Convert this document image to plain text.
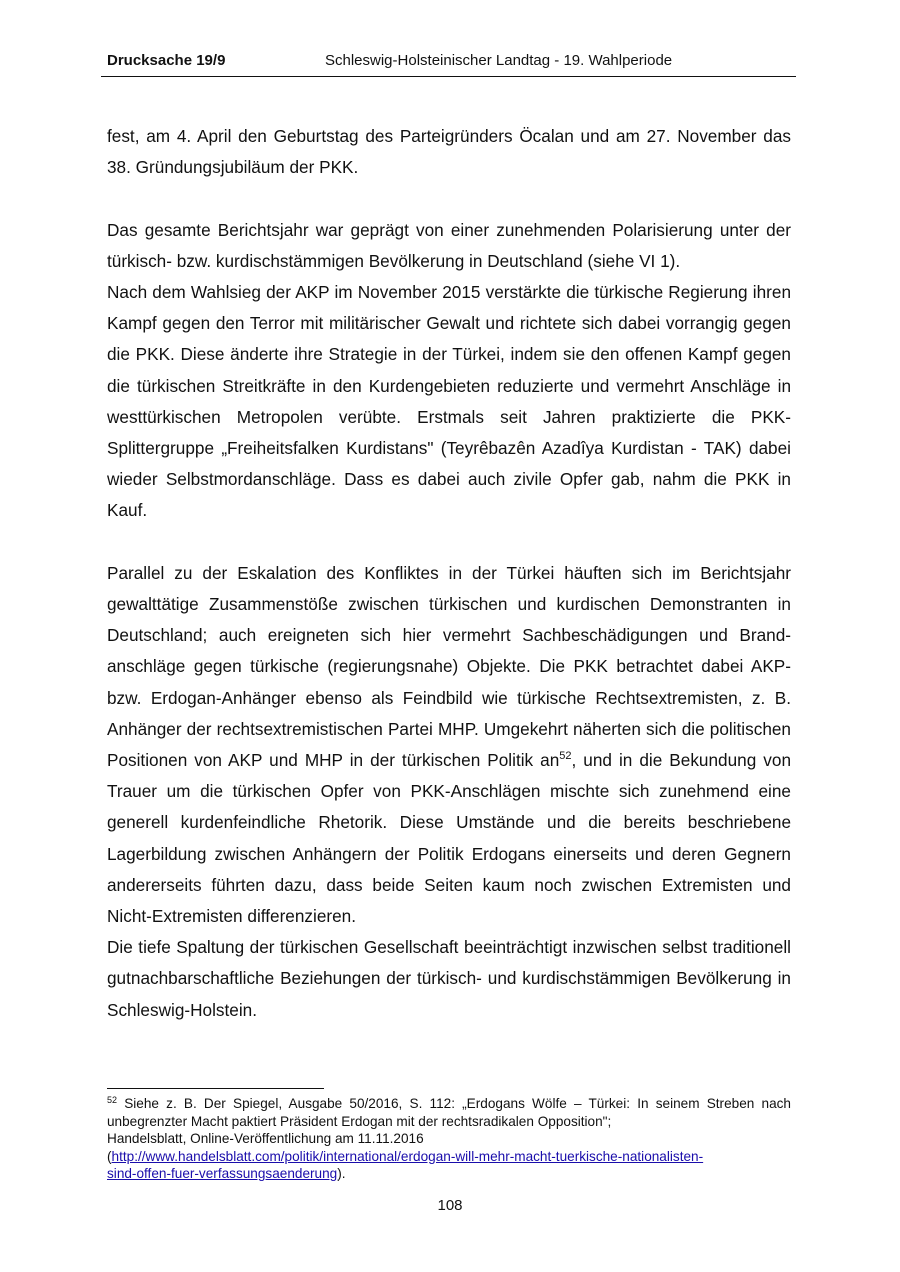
Drucksache 19/9	Schleswig-Holsteinischer Landtag - 19. Wahlperiode

fest, am 4. April den Geburtstag des Parteigründers Öcalan und am 27. November das 38. Gründungsjubiläum der PKK.

Das gesamte Berichtsjahr war geprägt von einer zunehmenden Polarisierung unter der türkisch- bzw. kurdischstämmigen Bevölkerung in Deutschland (siehe VI 1).

Nach dem Wahlsieg der AKP im November 2015 verstärkte die türkische Regierung ihren Kampf gegen den Terror mit militärischer Gewalt und richtete sich dabei vorrangig gegen die PKK. Diese änderte ihre Strategie in der Türkei, indem sie den offenen Kampf gegen die türkischen Streitkräfte in den Kurdengebieten reduzierte und vermehrt Anschläge in westtürkischen Metropolen verübte. Erstmals seit Jahren praktizierte die PKK-Splittergruppe „Freiheitsfalken Kurdistans" (Teyrêbazên Azadîya Kurdistan - TAK) dabei wieder Selbstmordanschläge. Dass es dabei auch zivile Opfer gab, nahm die PKK in Kauf.

Parallel zu der Eskalation des Konfliktes in der Türkei häuften sich im Berichtsjahr gewalttätige Zusammenstöße zwischen türkischen und kurdischen Demonstranten in Deutschland; auch ereigneten sich hier vermehrt Sachbeschädigungen und Brandanschläge gegen türkische (regierungsnahe) Objekte. Die PKK betrachtet dabei AKP- bzw. Erdogan-Anhänger ebenso als Feindbild wie türkische Rechtsextremisten, z. B. Anhänger der rechtsextremistischen Partei MHP. Umgekehrt näherten sich die politischen Positionen von AKP und MHP in der türkischen Politik $an^{52}$, und in die Bekundung von Trauer um die türkischen Opfer von PKK-Anschlägen mischte sich zunehmend eine generell kurdenfeindliche Rhetorik. Diese Umstände und die bereits beschriebene Lagerbildung zwischen Anhängern der Politik Erdogans einerseits und deren Gegnern andererseits führten dazu, dass beide Seiten kaum noch zwischen Extremisten und Nicht-Extremisten differenzieren.

Die tiefe Spaltung der türkischen Gesellschaft beeinträchtigt inzwischen selbst traditionell gutnachbarschaftliche Beziehungen der türkisch- und kurdischstämmigen Bevölkerung in Schleswig-Holstein.

$^{52}$ Siehe z. B. Der Spiegel, Ausgabe 50/2016, S. 112: „Erdogans Wölfe – Türkei: In seinem Streben nach unbegrenzter Macht paktiert Präsident Erdogan mit der rechtsradikalen Opposition";
Handelsblatt, Online-Veröffentlichung am 11.11.2016
(http://www.handelsblatt.com/politik/international/erdogan-will-mehr-macht-tuerkische-nationalisten-
sind-offen-fuer-verfassungsaenderung).
108
